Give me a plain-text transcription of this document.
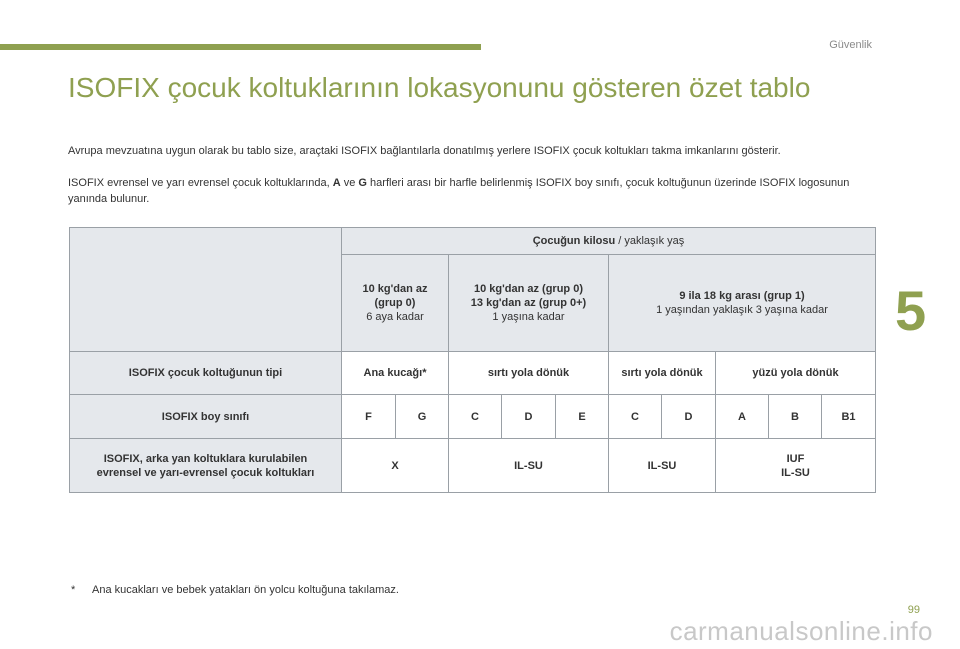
Güvenlik
5
ISOFIX çocuk koltuklarının lokasyonunu gösteren özet tablo

Avrupa mevzuatına uygun olarak bu tablo size, araçtaki ISOFIX bağlantılarla donatılmış yerlere ISOFIX çocuk koltukları takma imkanlarını gösterir.

ISOFIX evrensel ve yarı evrensel çocuk koltuklarında, A ve G harfleri arası bir harfle belirlenmiş ISOFIX boy sınıfı, çocuk koltuğunun üzerinde ISOFIX logosunun yanında bulunur.

	Çocuğun kilosu / yaklaşık yaş									
	10 kg'dan az
(grup 0)
6 aya kadar		10 kg'dan az (grup 0)
13 kg'dan az (grup 0+)
1 yaşına kadar			9 ila 18 kg arası (grup 1)
1 yaşından yaklaşık 3 yaşına kadar				
ISOFIX çocuk koltuğunun tipi	Ana kucağı*		sırtı yola dönük			sırtı yola dönük		yüzü yola dönük		
ISOFIX boy sınıfı	F	G	C	D	E	C	D	A	B	B1
ISOFIX, arka yan koltuklara kurulabilen
evrensel ve yarı-evrensel çocuk koltukları	X		IL-SU			IL-SU		IUF
IL-SU		
* Ana kucakları ve bebek yatakları ön yolcu koltuğuna takılamaz.
99
carmanualsonline.info
